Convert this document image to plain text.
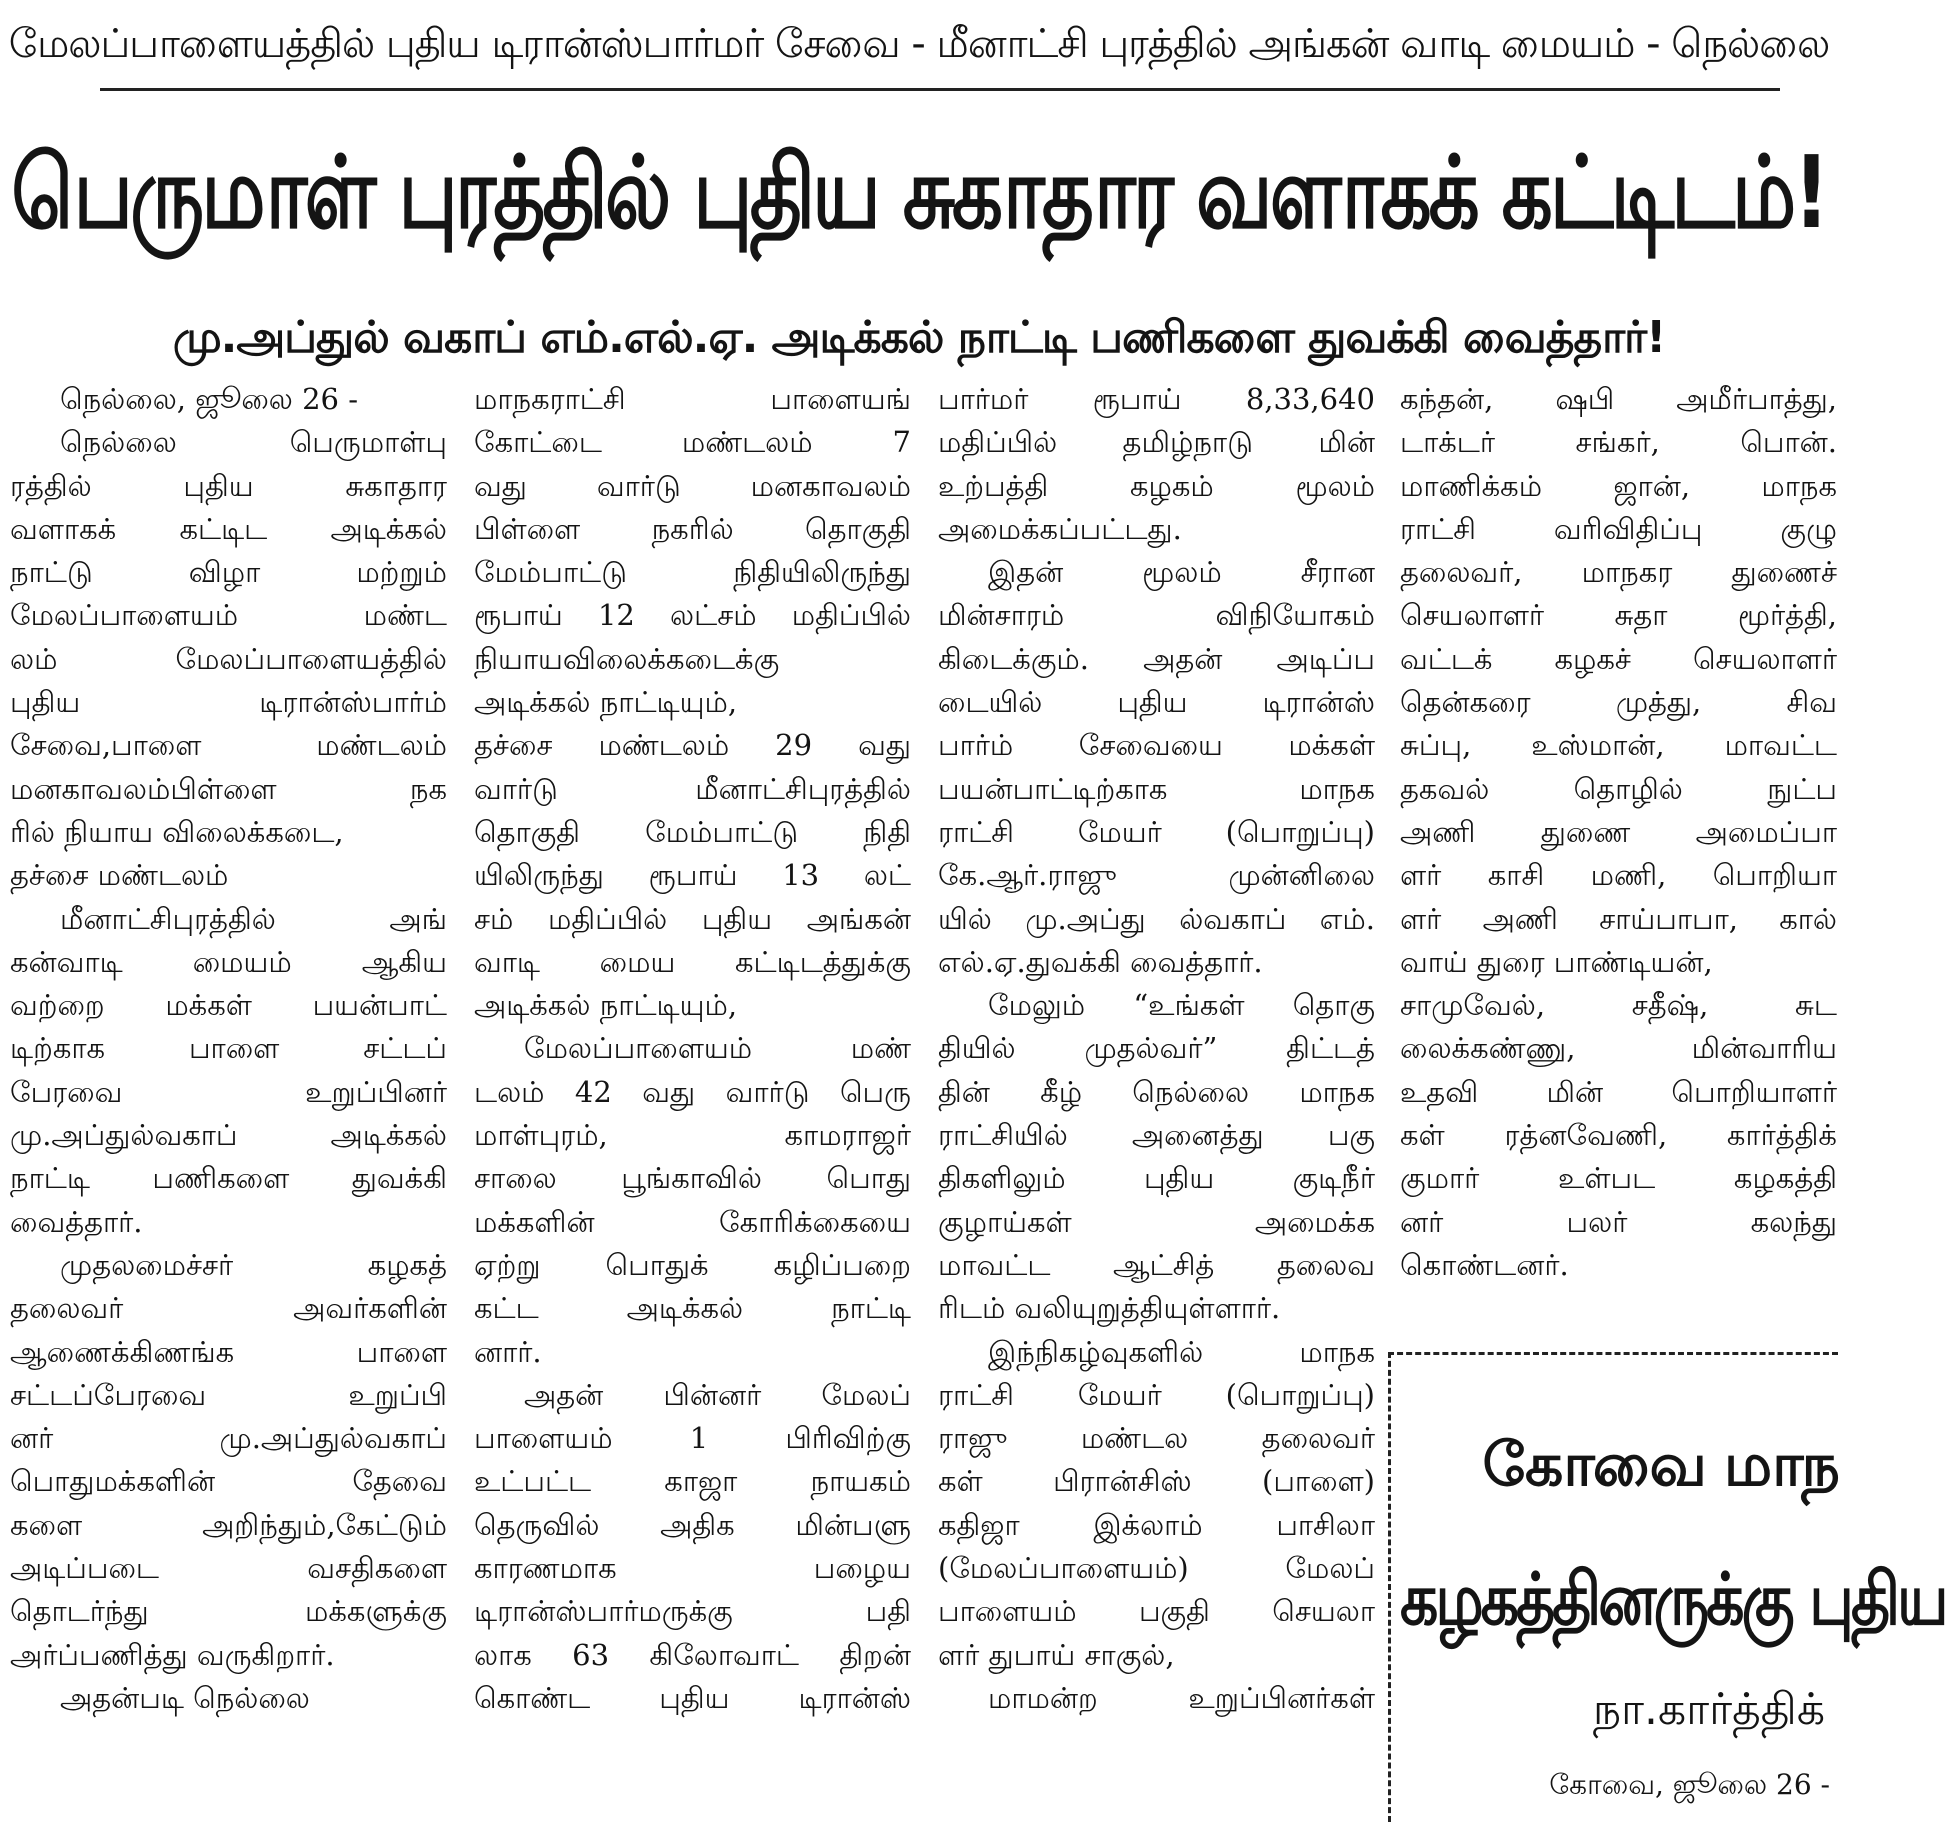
மேலப்பாளையத்தில் புதிய டிரான்ஸ்பார்மர் சேவை - மீனாட்சி புரத்தில் அங்கன் வாடி மையம் - நெல்லை
பெருமாள் புரத்தில் புதிய சுகாதார வளாகக் கட்டிடம்!
மு.அப்துல் வகாப் எம்.எல்.ஏ. அடிக்கல் நாட்டி பணிகளை துவக்கி வைத்தார்!
நெல்லை, ஜூலை 26 -
நெல்லை பெருமாள்பு
ரத்தில் புதிய சுகாதார
வளாகக் கட்டிட அடிக்கல்
நாட்டு விழா மற்றும்
மேலப்பாளையம் மண்ட
லம் மேலப்பாளையத்தில்
புதிய டிரான்ஸ்பார்ம்
சேவை,பாளை மண்டலம்
மனகாவலம்பிள்ளை நக
ரில் நியாய விலைக்கடை,
தச்சை மண்டலம்
மீனாட்சிபுரத்தில் அங்
கன்வாடி மையம் ஆகிய
வற்றை மக்கள் பயன்பாட்
டிற்காக பாளை சட்டப்
பேரவை உறுப்பினர்
மு.அப்துல்வகாப் அடிக்கல்
நாட்டி பணிகளை துவக்கி
வைத்தார்.
முதலமைச்சர் கழகத்
தலைவர் அவர்களின்
ஆணைக்கிணங்க பாளை
சட்டப்பேரவை உறுப்பி
னர் மு.அப்துல்வகாப்
பொதுமக்களின் தேவை
களை அறிந்தும்,கேட்டும்
அடிப்படை வசதிகளை
தொடர்ந்து மக்களுக்கு
அர்ப்பணித்து வருகிறார்.
அதன்படி நெல்லை
மாநகராட்சி பாளையங்
கோட்டை மண்டலம் 7
வது வார்டு மனகாவலம்
பிள்ளை நகரில் தொகுதி
மேம்பாட்டு நிதியிலிருந்து
ரூபாய் 12 லட்சம் மதிப்பில்
நியாயவிலைக்கடைக்கு
அடிக்கல் நாட்டியும்,
தச்சை மண்டலம் 29 வது
வார்டு மீனாட்சிபுரத்தில்
தொகுதி மேம்பாட்டு நிதி
யிலிருந்து ரூபாய் 13 லட்
சம் மதிப்பில் புதிய அங்கன்
வாடி மைய கட்டிடத்துக்கு
அடிக்கல் நாட்டியும்,
மேலப்பாளையம் மண்
டலம் 42 வது வார்டு பெரு
மாள்புரம், காமராஜர்
சாலை பூங்காவில் பொது
மக்களின் கோரிக்கையை
ஏற்று பொதுக் கழிப்பறை
கட்ட அடிக்கல் நாட்டி
னார்.
அதன் பின்னர் மேலப்
பாளையம் 1 பிரிவிற்கு
உட்பட்ட காஜா நாயகம்
தெருவில் அதிக மின்பளு
காரணமாக பழைய
டிரான்ஸ்பார்மருக்கு பதி
லாக 63 கிலோவாட் திறன்
கொண்ட புதிய டிரான்ஸ்
பார்மர் ரூபாய் 8,33,640
மதிப்பில் தமிழ்நாடு மின்
உற்பத்தி கழகம் மூலம்
அமைக்கப்பட்டது.
இதன் மூலம் சீரான
மின்சாரம் விநியோகம்
கிடைக்கும். அதன் அடிப்ப
டையில் புதிய டிரான்ஸ்
பார்ம் சேவையை மக்கள்
பயன்பாட்டிற்காக மாநக
ராட்சி மேயர் (பொறுப்பு)
கே.ஆர்.ராஜு முன்னிலை
யில் மு.அப்து ல்வகாப் எம்.
எல்.ஏ.துவக்கி வைத்தார்.
மேலும் “உங்கள் தொகு
தியில் முதல்வர்” திட்டத்
தின் கீழ் நெல்லை மாநக
ராட்சியில் அனைத்து பகு
திகளிலும் புதிய குடிநீர்
குழாய்கள் அமைக்க
மாவட்ட ஆட்சித் தலைவ
ரிடம் வலியுறுத்தியுள்ளார்.
இந்நிகழ்வுகளில் மாநக
ராட்சி மேயர் (பொறுப்பு)
ராஜு மண்டல தலைவர்
கள் பிரான்சிஸ் (பாளை)
கதிஜா இக்லாம் பாசிலா
(மேலப்பாளையம்) மேலப்
பாளையம் பகுதி செயலா
ளர் துபாய் சாகுல்,
மாமன்ற உறுப்பினர்கள்
கந்தன், ஷபி அமீர்பாத்து,
டாக்டர் சங்கர், பொன்.
மாணிக்கம் ஜான், மாநக
ராட்சி வரிவிதிப்பு குழு
தலைவர், மாநகர துணைச்
செயலாளர் சுதா மூர்த்தி,
வட்டக் கழகச் செயலாளர்
தென்கரை முத்து, சிவ
சுப்பு, உஸ்மான், மாவட்ட
தகவல் தொழில் நுட்ப
அணி துணை அமைப்பா
ளர் காசி மணி, பொறியா
ளர் அணி சாய்பாபா, கால்
வாய் துரை பாண்டியன்,
சாமுவேல், சதீஷ், சுட
லைக்கண்ணு, மின்வாரிய
உதவி மின் பொறியாளர்
கள் ரத்னவேணி, கார்த்திக்
குமார் உள்பட கழகத்தி
னர் பலர் கலந்து
கொண்டனர்.
கோவை மாந
கழகத்தினருக்கு புதிய
நா.கார்த்திக்
கோவை, ஜூலை 26 -
